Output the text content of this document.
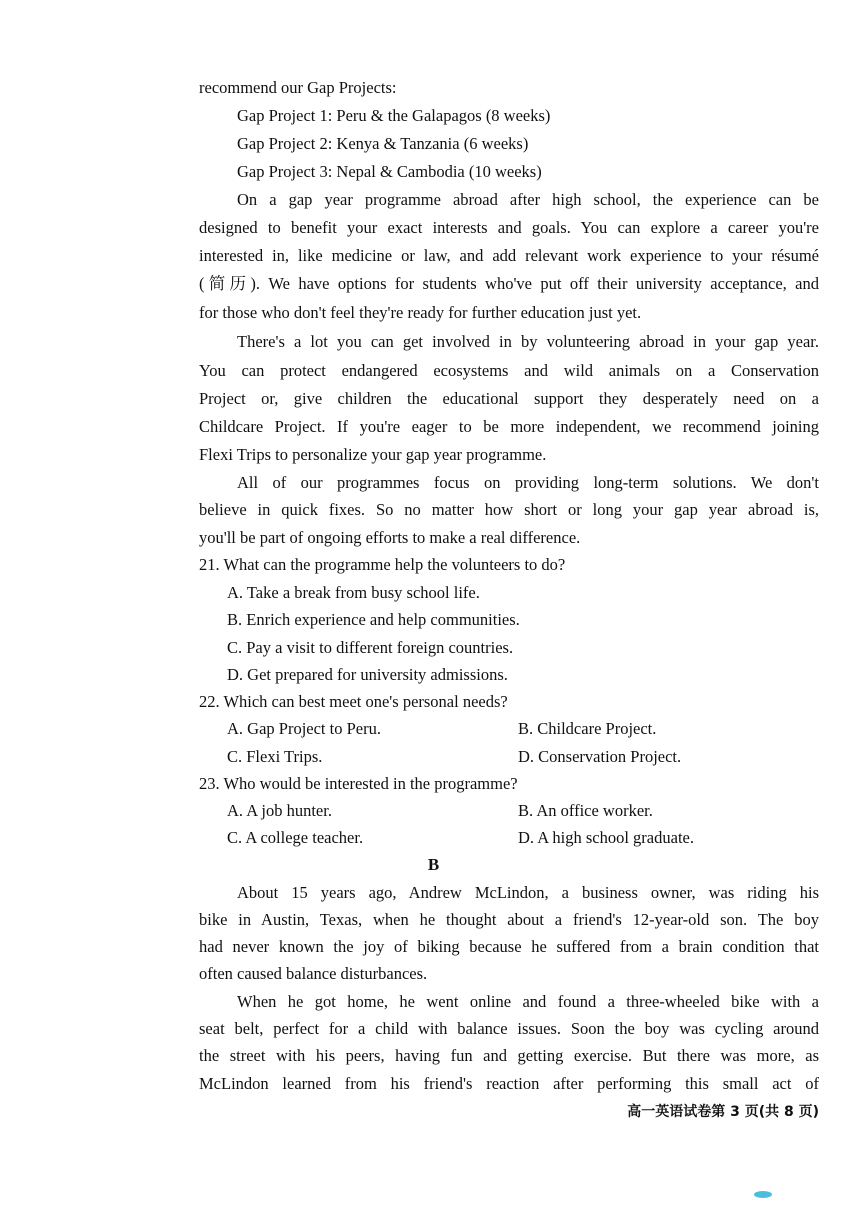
recommend our Gap Projects:
Gap Project 1: Peru & the Galapagos (8 weeks)
Gap Project 2: Kenya & Tanzania (6 weeks)
Gap Project 3: Nepal & Cambodia (10 weeks)
On a gap year programme abroad after high school, the experience can be
designed to benefit your exact interests and goals. You can explore a career you're
interested in, like medicine or law, and add relevant work experience to your résumé
(简历). We have options for students who've put off their university acceptance, and
for those who don't feel they're ready for further education just yet.
There's a lot you can get involved in by volunteering abroad in your gap year.
You can protect endangered ecosystems and wild animals on a Conservation
Project or, give children the educational support they desperately need on a
Childcare Project. If you're eager to be more independent, we recommend joining
Flexi Trips to personalize your gap year programme.
All of our programmes focus on providing long-term solutions. We don't
believe in quick fixes. So no matter how short or long your gap year abroad is,
you'll be part of ongoing efforts to make a real difference.
21. What can the programme help the volunteers to do?
A. Take a break from busy school life.
B. Enrich experience and help communities.
C. Pay a visit to different foreign countries.
D. Get prepared for university admissions.
22. Which can best meet one's personal needs?
A. Gap Project to Peru.	B. Childcare Project.
C. Flexi Trips.	D. Conservation Project.
23. Who would be interested in the programme?
A. A job hunter.	B. An office worker.
C. A college teacher.	D. A high school graduate.
B
About 15 years ago, Andrew McLindon, a business owner, was riding his
bike in Austin, Texas, when he thought about a friend's 12-year-old son. The boy
had never known the joy of biking because he suffered from a brain condition that
often caused balance disturbances.
When he got home, he went online and found a three-wheeled bike with a
seat belt, perfect for a child with balance issues. Soon the boy was cycling around
the street with his peers, having fun and getting exercise. But there was more, as
McLindon learned from his friend's reaction after performing this small act of
高一英语试卷第 3 页(共 8 页)
